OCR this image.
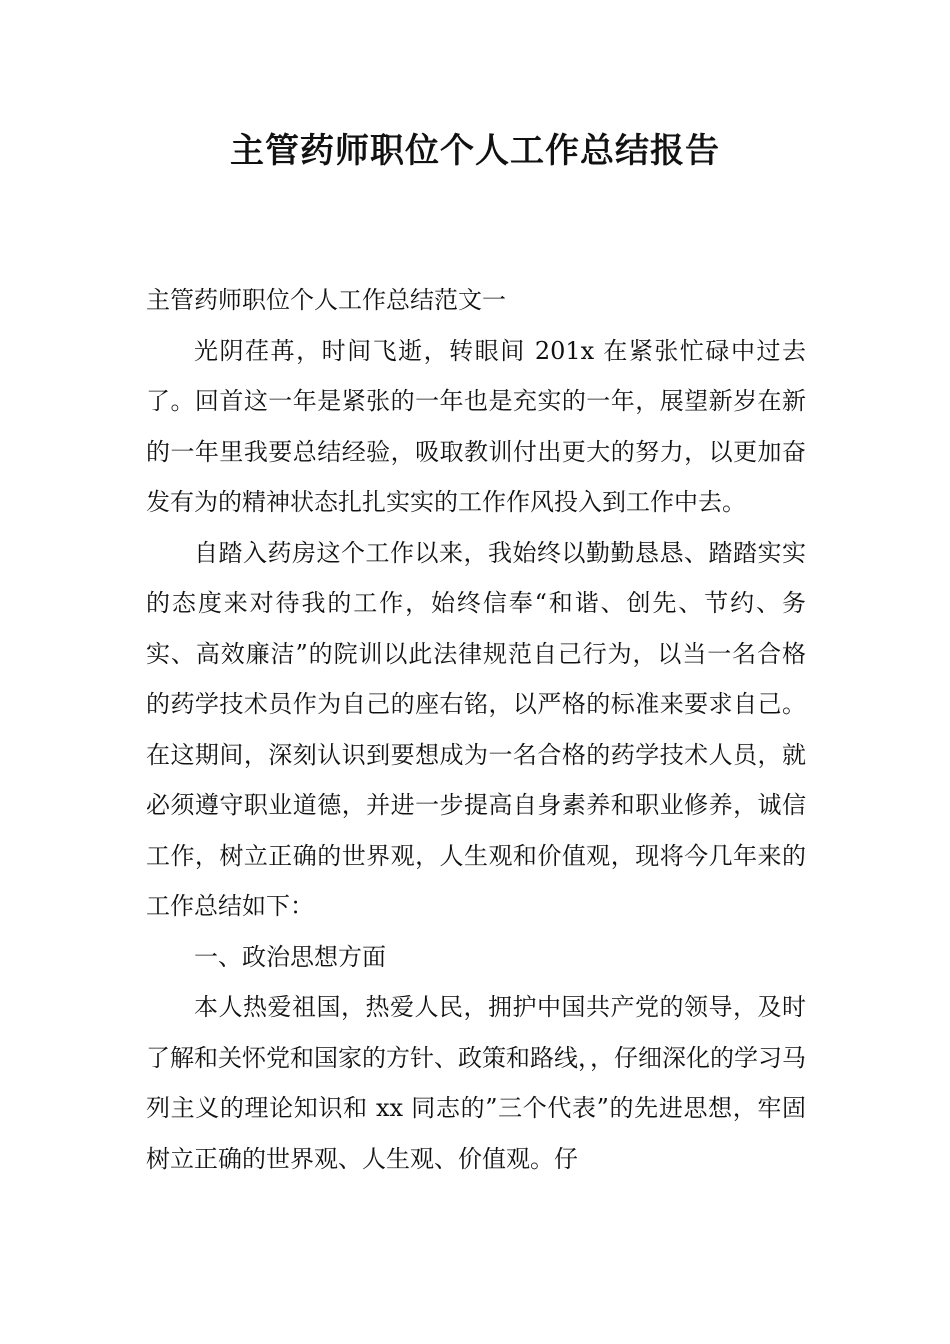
主管药师职位个人工作总结报告

主管药师职位个人工作总结范文一

光阴荏苒，时间飞逝，转眼间 201x 在紧张忙碌中过去了。回首这一年是紧张的一年也是充实的一年，展望新岁在新的一年里我要总结经验，吸取教训付出更大的努力，以更加奋发有为的精神状态扎扎实实的工作作风投入到工作中去。

自踏入药房这个工作以来，我始终以勤勤恳恳、踏踏实实的态度来对待我的工作，始终信奉“和谐、创先、节约、务实、高效廉洁”的院训以此法律规范自己行为，以当一名合格的药学技术员作为自己的座右铭，以严格的标准来要求自己。在这期间，深刻认识到要想成为一名合格的药学技术人员，就必须遵守职业道德，并进一步提高自身素养和职业修养，诚信工作，树立正确的世界观，人生观和价值观，现将今几年来的工作总结如下：

一、政治思想方面

本人热爱祖国，热爱人民，拥护中国共产党的领导，及时了解和关怀党和国家的方针、政策和路线，，仔细深化的学习马列主义的理论知识和 xx 同志的”三个代表”的先进思想，牢固树立正确的世界观、人生观、价值观。仔
